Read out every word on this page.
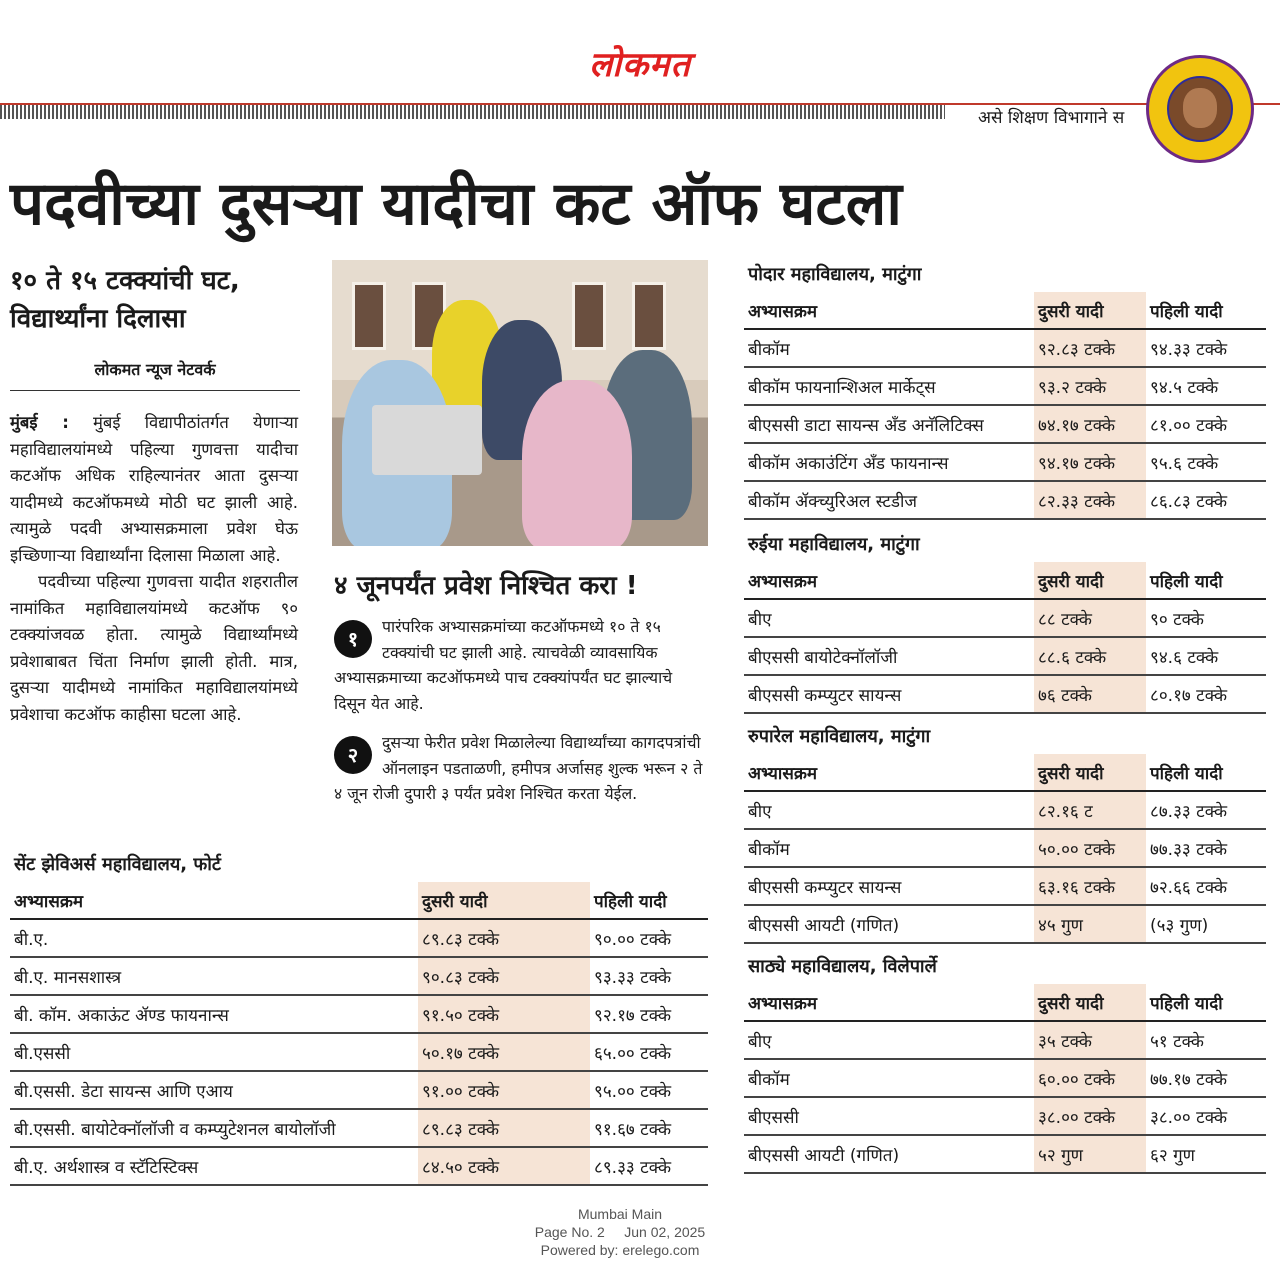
लोकमत
असे शिक्षण विभागाने स
पदवीच्या दुसऱ्या यादीचा कट ऑफ घटला
१० ते १५ टक्क्यांची घट, विद्यार्थ्यांना दिलासा
लोकमत न्यूज नेटवर्क

मुंबई : मुंबई विद्यापीठांतर्गत येणाऱ्या महाविद्यालयांमध्ये पहिल्या गुणवत्ता यादीचा कटऑफ अधिक राहिल्यानंतर आता दुसऱ्या यादीमध्ये कटऑफमध्ये मोठी घट झाली आहे. त्यामुळे पदवी अभ्यासक्रमाला प्रवेश घेऊ इच्छिणाऱ्या विद्यार्थ्यांना दिलासा मिळाला आहे.

पदवीच्या पहिल्या गुणवत्ता यादीत शहरातील नामांकित महाविद्यालयांमध्ये कटऑफ ९० टक्क्यांजवळ होता. त्यामुळे विद्यार्थ्यांमध्ये प्रवेशाबाबत चिंता निर्माण झाली होती. मात्र, दुसऱ्या यादीमध्ये नामांकित महाविद्यालयांमध्ये प्रवेशाचा कटऑफ काहीसा घटला आहे.

४ जूनपर्यंत प्रवेश निश्चित करा !
१
पारंपरिक अभ्यासक्रमांच्या कटऑफमध्ये १० ते १५ टक्क्यांची घट झाली आहे. त्याचवेळी व्यावसायिक अभ्यासक्रमाच्या कटऑफमध्ये पाच टक्क्यांपर्यंत घट झाल्याचे दिसून येत आहे.
२
दुसऱ्या फेरीत प्रवेश मिळालेल्या विद्यार्थ्यांच्या कागदपत्रांची ऑनलाइन पडताळणी, हमीपत्र अर्जासह शुल्क भरून २ ते ४ जून रोजी दुपारी ३ पर्यंत प्रवेश निश्चित करता येईल.
सेंट झेविअर्स महाविद्यालय, फोर्ट
पोदार महाविद्यालय, माटुंगा
रुईया महाविद्यालय, माटुंगा
रुपारेल महाविद्यालय, माटुंगा
साठ्ये महाविद्यालय, विलेपार्ले
अभ्यासक्रम	दुसरी यादी	पहिली यादी
बी.ए.	८९.८३ टक्के	९०.०० टक्के
बी.ए. मानसशास्त्र	९०.८३ टक्के	९३.३३ टक्के
बी. कॉम. अकाऊंट ॲण्ड फायनान्स	९१.५० टक्के	९२.१७ टक्के
बी.एससी	५०.१७ टक्के	६५.०० टक्के
बी.एससी. डेटा सायन्स आणि एआय	९१.०० टक्के	९५.०० टक्के
बी.एससी. बायोटेक्नॉलॉजी व कम्प्युटेशनल बायोलॉजी	८९.८३ टक्के	९१.६७ टक्के
बी.ए. अर्थशास्त्र व स्टॅटिस्टिक्स	८४.५० टक्के	८९.३३ टक्के
अभ्यासक्रम	दुसरी यादी	पहिली यादी
बीकॉम	९२.८३ टक्के	९४.३३ टक्के
बीकॉम फायनान्शिअल मार्केट्स	९३.२ टक्के	९४.५ टक्के
बीएससी डाटा सायन्स अँड अनॅलिटिक्स	७४.१७ टक्के	८१.०० टक्के
बीकॉम अकाउंटिंग अँड फायनान्स	९४.१७ टक्के	९५.६ टक्के
बीकॉम ॲक्च्युरिअल स्टडीज	८२.३३ टक्के	८६.८३ टक्के
अभ्यासक्रम	दुसरी यादी	पहिली यादी
बीए	८८ टक्के	९० टक्के
बीएससी बायोटेक्नॉलॉजी	८८.६ टक्के	९४.६ टक्के
बीएससी कम्प्युटर सायन्स	७६ टक्के	८०.१७ टक्के
अभ्यासक्रम	दुसरी यादी	पहिली यादी
बीए	८२.१६ ट	८७.३३ टक्के
बीकॉम	५०.०० टक्के	७७.३३ टक्के
बीएससी कम्प्युटर सायन्स	६३.१६ टक्के	७२.६६ टक्के
बीएससी आयटी (गणित)	४५ गुण	(५३ गुण)
अभ्यासक्रम	दुसरी यादी	पहिली यादी
बीए	३५ टक्के	५१ टक्के
बीकॉम	६०.०० टक्के	७७.१७ टक्के
बीएससी	३८.०० टक्के	३८.०० टक्के
बीएससी आयटी (गणित)	५२ गुण	६२ गुण
Mumbai Main
Page No. 2     Jun 02, 2025
Powered by: erelego.com
